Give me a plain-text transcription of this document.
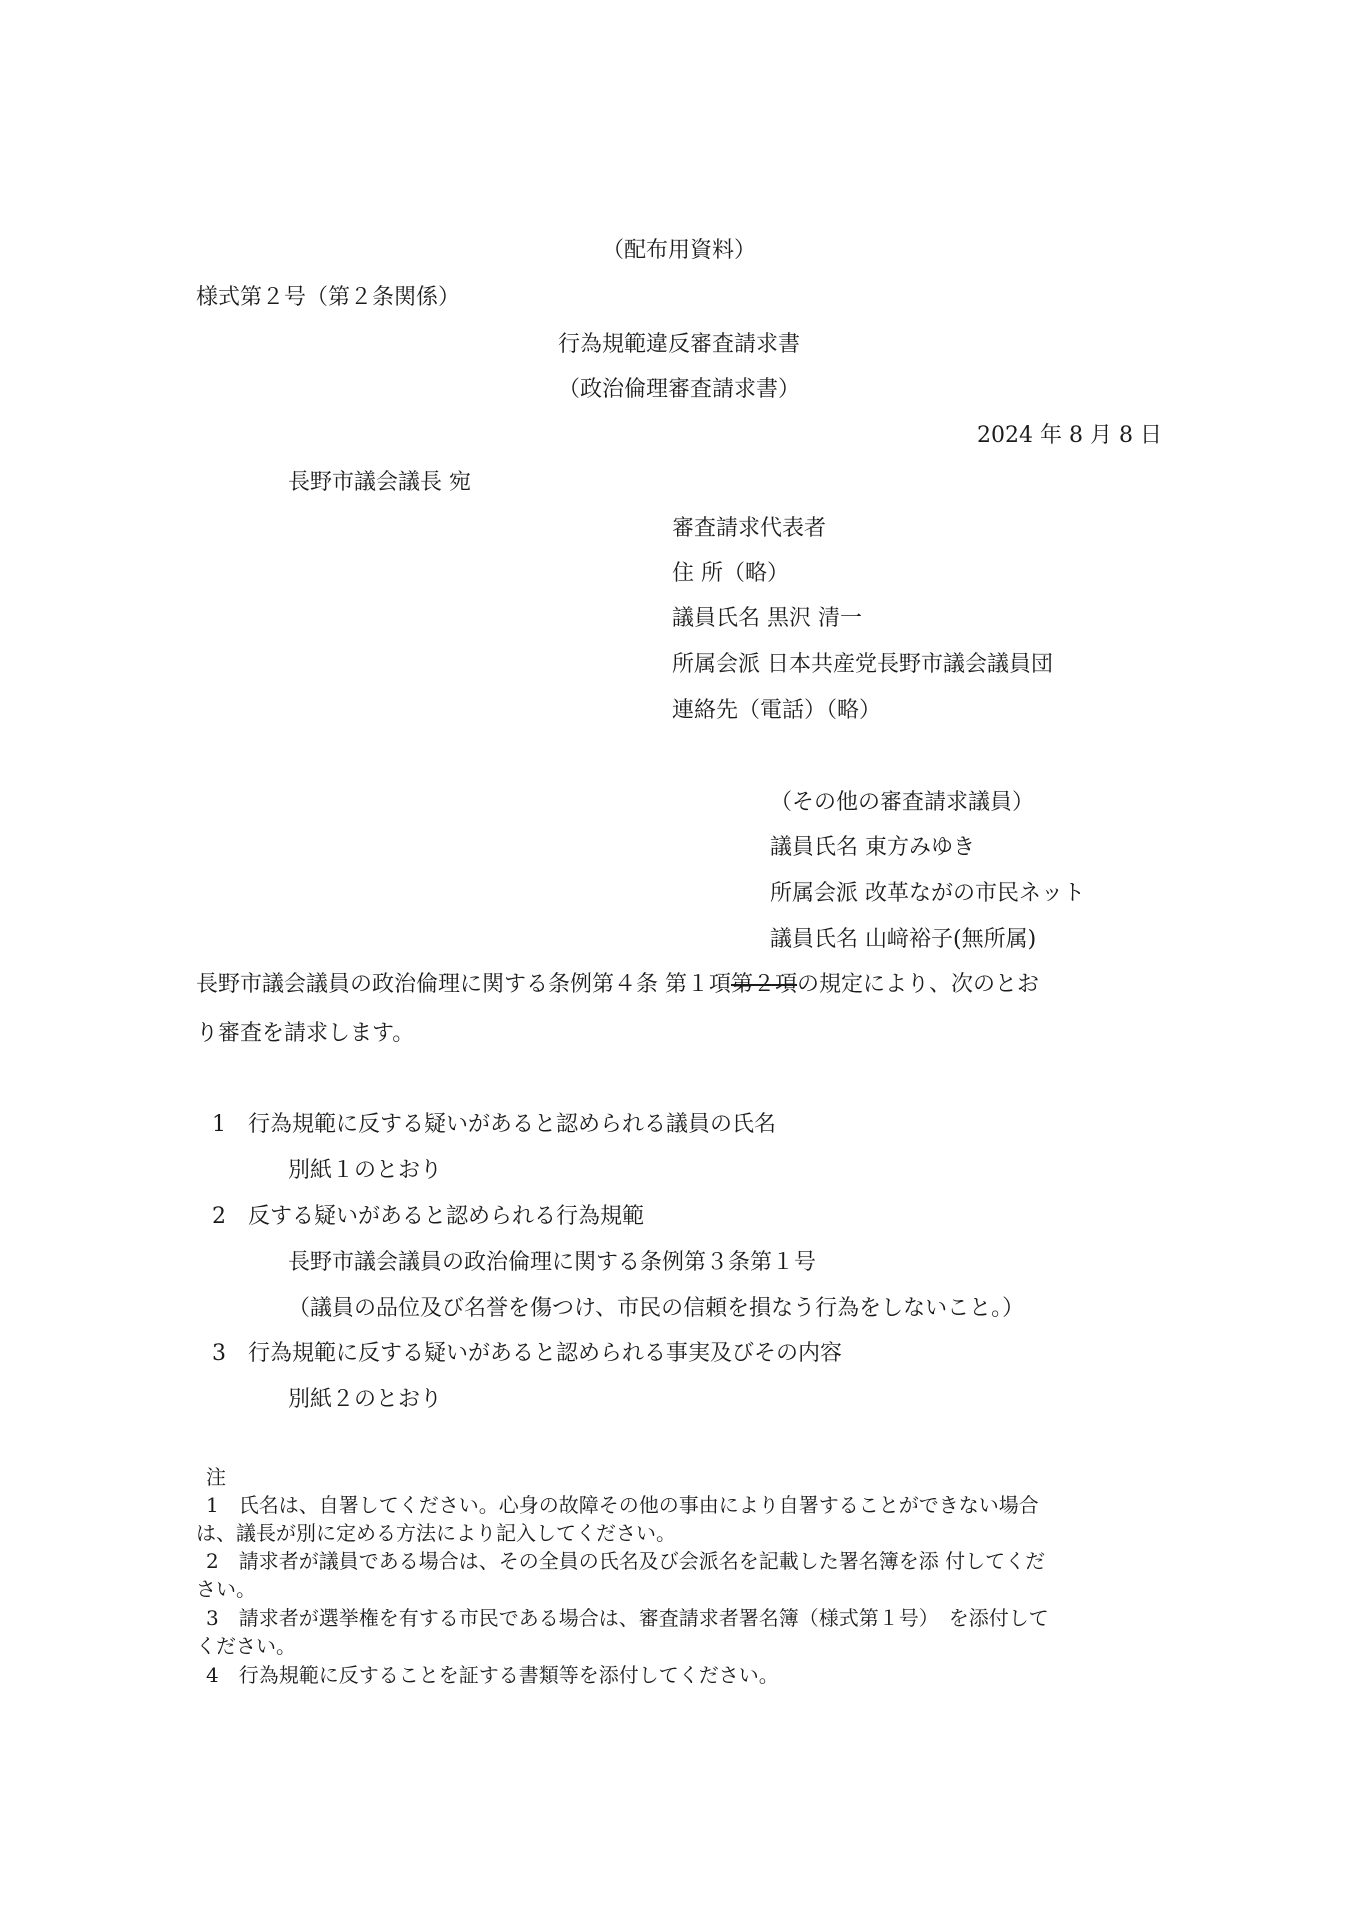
（配布用資料）
様式第２号（第２条関係）
行為規範違反審査請求書
（政治倫理審査請求書）
2024 年 8 月 8 日
長野市議会議長 宛
審査請求代表者
住 所（略）
議員氏名 黒沢 清一
所属会派 日本共産党長野市議会議員団
連絡先（電話）（略）
（その他の審査請求議員）
議員氏名 東方みゆき
所属会派 改革ながの市民ネット
議員氏名 山﨑裕子(無所属)
長野市議会議員の政治倫理に関する条例第４条 第１項第２項の規定により、次のとお
り審査を請求します。
1　行為規範に反する疑いがあると認められる議員の氏名
別紙１のとおり
2　反する疑いがあると認められる行為規範
長野市議会議員の政治倫理に関する条例第３条第１号
（議員の品位及び名誉を傷つけ、市民の信頼を損なう行為をしないこと。）
3　行為規範に反する疑いがあると認められる事実及びその内容
別紙２のとおり
注
1　氏名は、自署してください。心身の故障その他の事由により自署することができない場合
は、議長が別に定める方法により記入してください。
2　請求者が議員である場合は、その全員の氏名及び会派名を記載した署名簿を添 付してくだ
さい。
3　請求者が選挙権を有する市民である場合は、審査請求者署名簿（様式第１号）　を添付して
ください。
4　行為規範に反することを証する書類等を添付してください。
